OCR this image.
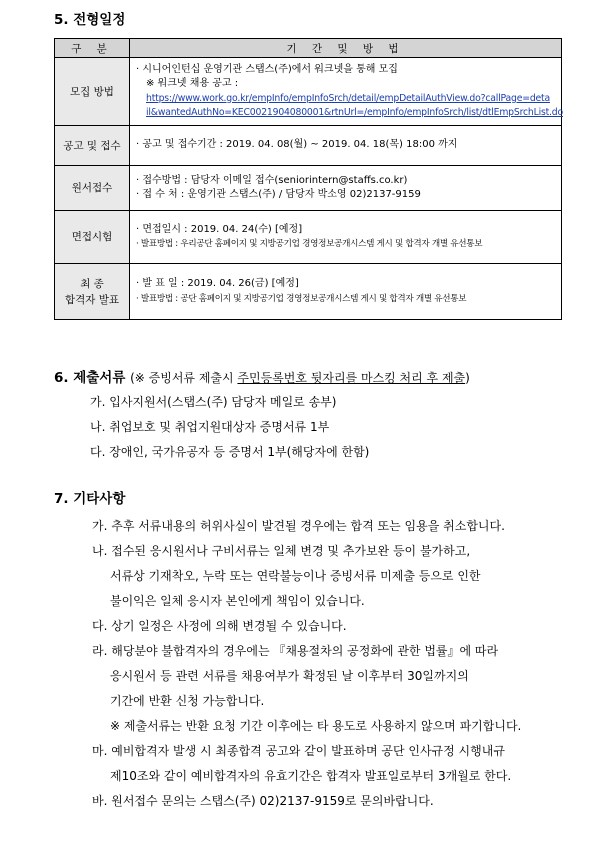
5. 전형일정
구 분	기 간 및 방 법
모집 방법	· 시니어인턴십 운영기관 스탭스(주)에서 워크넷을 통해 모집
※ 워크넷 채용 공고 :
https://www.work.go.kr/empInfo/empInfoSrch/detail/empDetailAuthView.do?callPage=deta
il&wantedAuthNo=KEC0021904080001&rtnUrl=/empInfo/empInfoSrch/list/dtlEmpSrchList.do

공고 및 접수	· 공고 및 접수기간 : 2019. 04. 08(월) ~ 2019. 04. 18(목) 18:00 까지

원서접수	· 접수방법 : 담당자 이메일 접수(seniorintern@staffs.co.kr)
· 접 수 처 : 운영기관 스탭스(주) / 담당자 박소영 02)2137-9159

면접시험	· 면접일시 : 2019. 04. 24(수) [예정]
· 발표방법 : 우리공단 홈페이지 및 지방공기업 경영정보공개시스템 게시 및 합격자 개별 유선통보

최 종
합격자 발표	· 발 표 일 : 2019. 04. 26(금) [예정]
· 발표방법 : 공단 홈페이지 및 지방공기업 경영정보공개시스템 게시 및 합격자 개별 유선통보
6. 제출서류 (※ 증빙서류 제출시 주민등록번호 뒷자리를 마스킹 처리 후 제출)
가. 입사지원서(스탭스(주) 담당자 메일로 송부)
나. 취업보호 및 취업지원대상자 증명서류 1부
다. 장애인, 국가유공자 등 증명서 1부(해당자에 한함)
7. 기타사항
가. 추후 서류내용의 허위사실이 발견될 경우에는 합격 또는 임용을 취소합니다.
나. 접수된 응시원서나 구비서류는 일체 변경 및 추가보완 등이 불가하고,
서류상 기재착오, 누락 또는 연락불능이나 증빙서류 미제출 등으로 인한
불이익은 일체 응시자 본인에게 책임이 있습니다.
다. 상기 일정은 사정에 의해 변경될 수 있습니다.
라. 해당분야 불합격자의 경우에는 『채용절차의 공정화에 관한 법률』에 따라
응시원서 등 관련 서류를 채용여부가 확정된 날 이후부터 30일까지의
기간에 반환 신청 가능합니다.
※ 제출서류는 반환 요청 기간 이후에는 타 용도로 사용하지 않으며 파기합니다.
마. 예비합격자 발생 시 최종합격 공고와 같이 발표하며 공단 인사규정 시행내규
제10조와 같이 예비합격자의 유효기간은 합격자 발표일로부터 3개월로 한다.
바. 원서접수 문의는 스탭스(주) 02)2137-9159로 문의바랍니다.
